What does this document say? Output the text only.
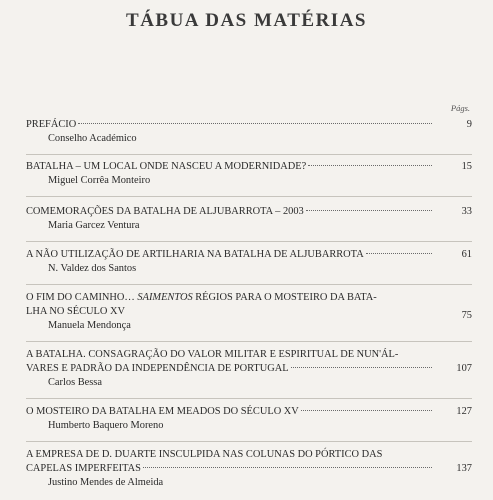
TÁBUA DAS MATÉRIAS
Págs.
PREFÁCIO	9
Conselho Académico
BATALHA – UM LOCAL ONDE NASCEU A MODERNIDADE?	15
Miguel Corrêa Monteiro
COMEMORAÇÕES DA BATALHA DE ALJUBARROTA – 2003	33
Maria Garcez Ventura
A NÃO UTILIZAÇÃO DE ARTILHARIA NA BATALHA DE ALJUBARROTA	61
N. Valdez dos Santos
O FIM DO CAMINHO… SAIMENTOS RÉGIOS PARA O MOSTEIRO DA BATA-
LHA NO SÉCULO XV	75
Manuela Mendonça
A BATALHA. CONSAGRAÇÃO DO VALOR MILITAR E ESPIRITUAL DE NUN'ÁL-
VARES E PADRÃO DA INDEPENDÊNCIA DE PORTUGAL	107
Carlos Bessa
O MOSTEIRO DA BATALHA EM MEADOS DO SÉCULO XV	127
Humberto Baquero Moreno
A EMPRESA DE D. DUARTE INSCULPIDA NAS COLUNAS DO PÓRTICO DAS
CAPELAS IMPERFEITAS	137
Justino Mendes de Almeida
